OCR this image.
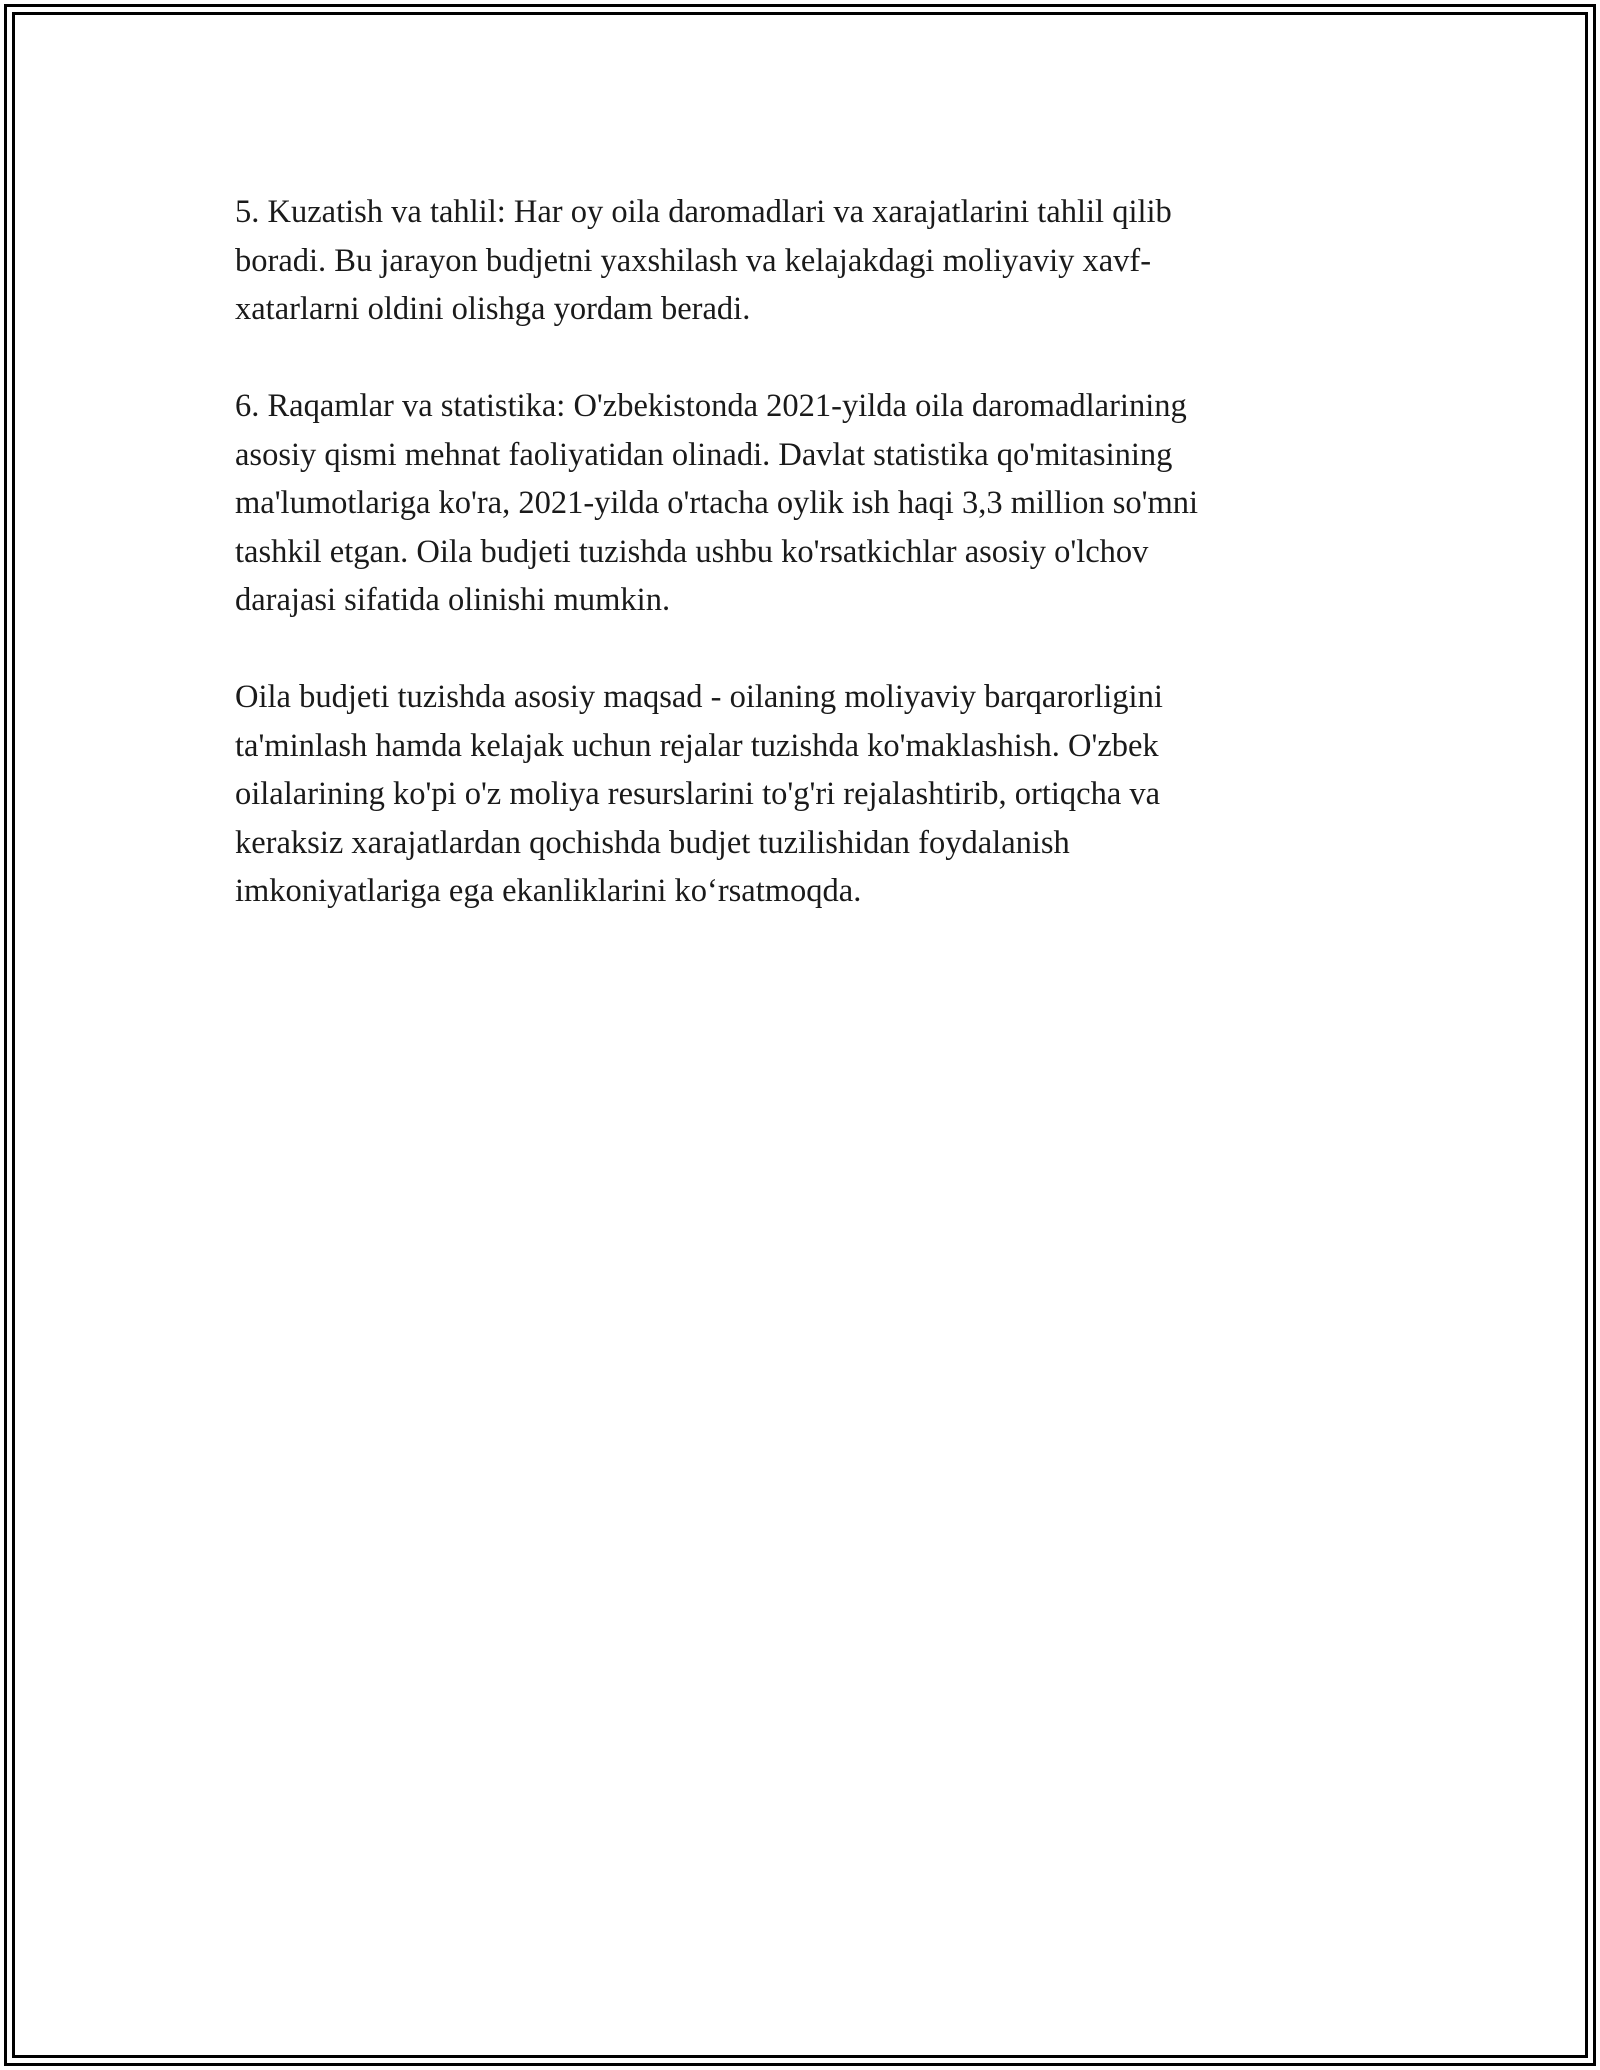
5. Kuzatish va tahlil: Har oy oila daromadlari va xarajatlarini tahlil qilib
boradi. Bu jarayon budjetni yaxshilash va kelajakdagi moliyaviy xavf-
xatarlarni oldini olishga yordam beradi.

6. Raqamlar va statistika: O'zbekistonda 2021-yilda oila daromadlarining
asosiy qismi mehnat faoliyatidan olinadi. Davlat statistika qo'mitasining
ma'lumotlariga ko'ra, 2021-yilda o'rtacha oylik ish haqi 3,3 million so'mni
tashkil etgan. Oila budjeti tuzishda ushbu ko'rsatkichlar asosiy o'lchov
darajasi sifatida olinishi mumkin.

Oila budjeti tuzishda asosiy maqsad - oilaning moliyaviy barqarorligini
ta'minlash hamda kelajak uchun rejalar tuzishda ko'maklashish. O'zbek
oilalarining ko'pi o'z moliya resurslarini to'g'ri rejalashtirib, ortiqcha va
keraksiz xarajatlardan qochishda budjet tuzilishidan foydalanish
imkoniyatlariga ega ekanliklarini koʻrsatmoqda.
